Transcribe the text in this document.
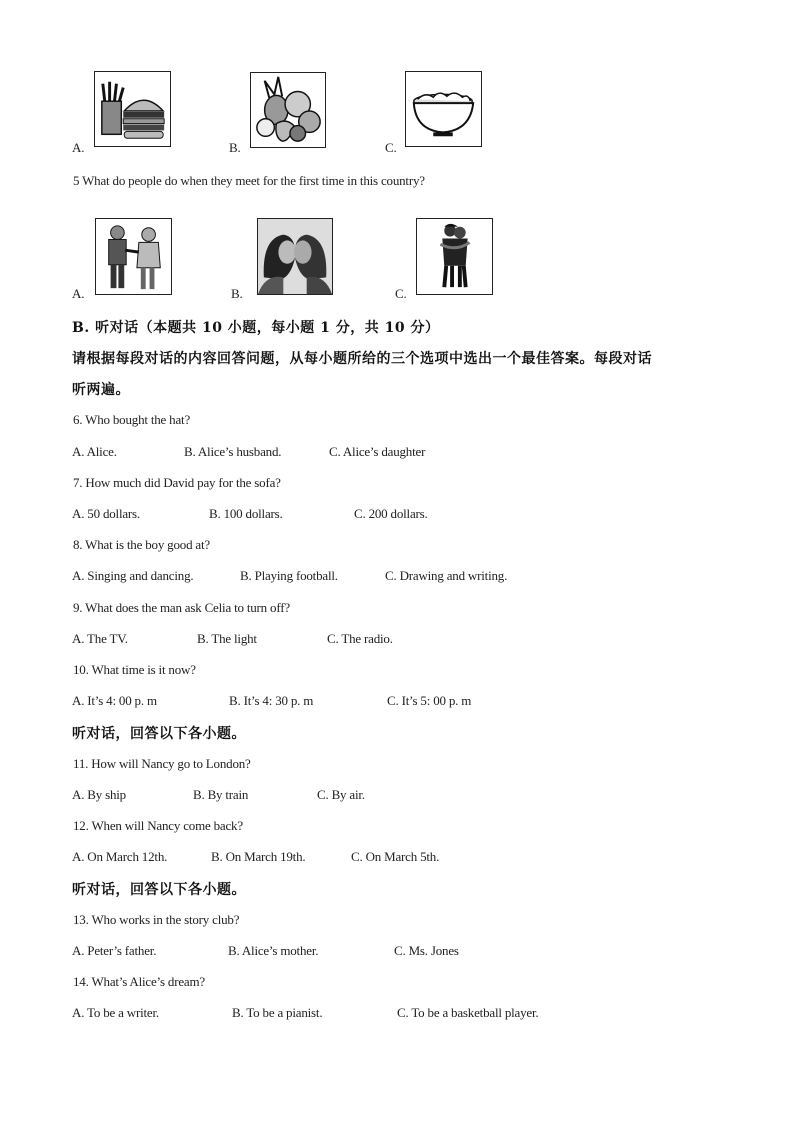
A.	B.	C.
5 What do people do when they meet for the first time in this country?
A.	B.	C.
B. 听对话（本题共 10 小题，每小题 1 分，共 10 分）
请根据每段对话的内容回答问题，从每小题所给的三个选项中选出一个最佳答案。每段对话
听两遍。
6. Who bought the hat?
A. Alice.	B. Alice’s husband.	C. Alice’s daughter
7. How much did David pay for the sofa?
A. 50 dollars.	B. 100 dollars.	C. 200 dollars.
8. What is the boy good at?
A. Singing and dancing.	B. Playing football.	C. Drawing and writing.
9. What does the man ask Celia to turn off?
A. The TV.	B. The light	C. The radio.
10. What time is it now?
A. It’s 4: 00 p. m	B. It’s 4: 30 p. m	C. It’s 5: 00 p. m
听对话，回答以下各小题。
11. How will Nancy go to London?
A. By ship	B. By train	C. By air.
12. When will Nancy come back?
A. On March 12th.	B. On March 19th.	C. On March 5th.
听对话，回答以下各小题。
13. Who works in the story club?
A. Peter’s father.	B. Alice’s mother.	C. Ms. Jones
14. What’s Alice’s dream?
A. To be a writer.	B. To be a pianist.	C. To be a basketball player.
